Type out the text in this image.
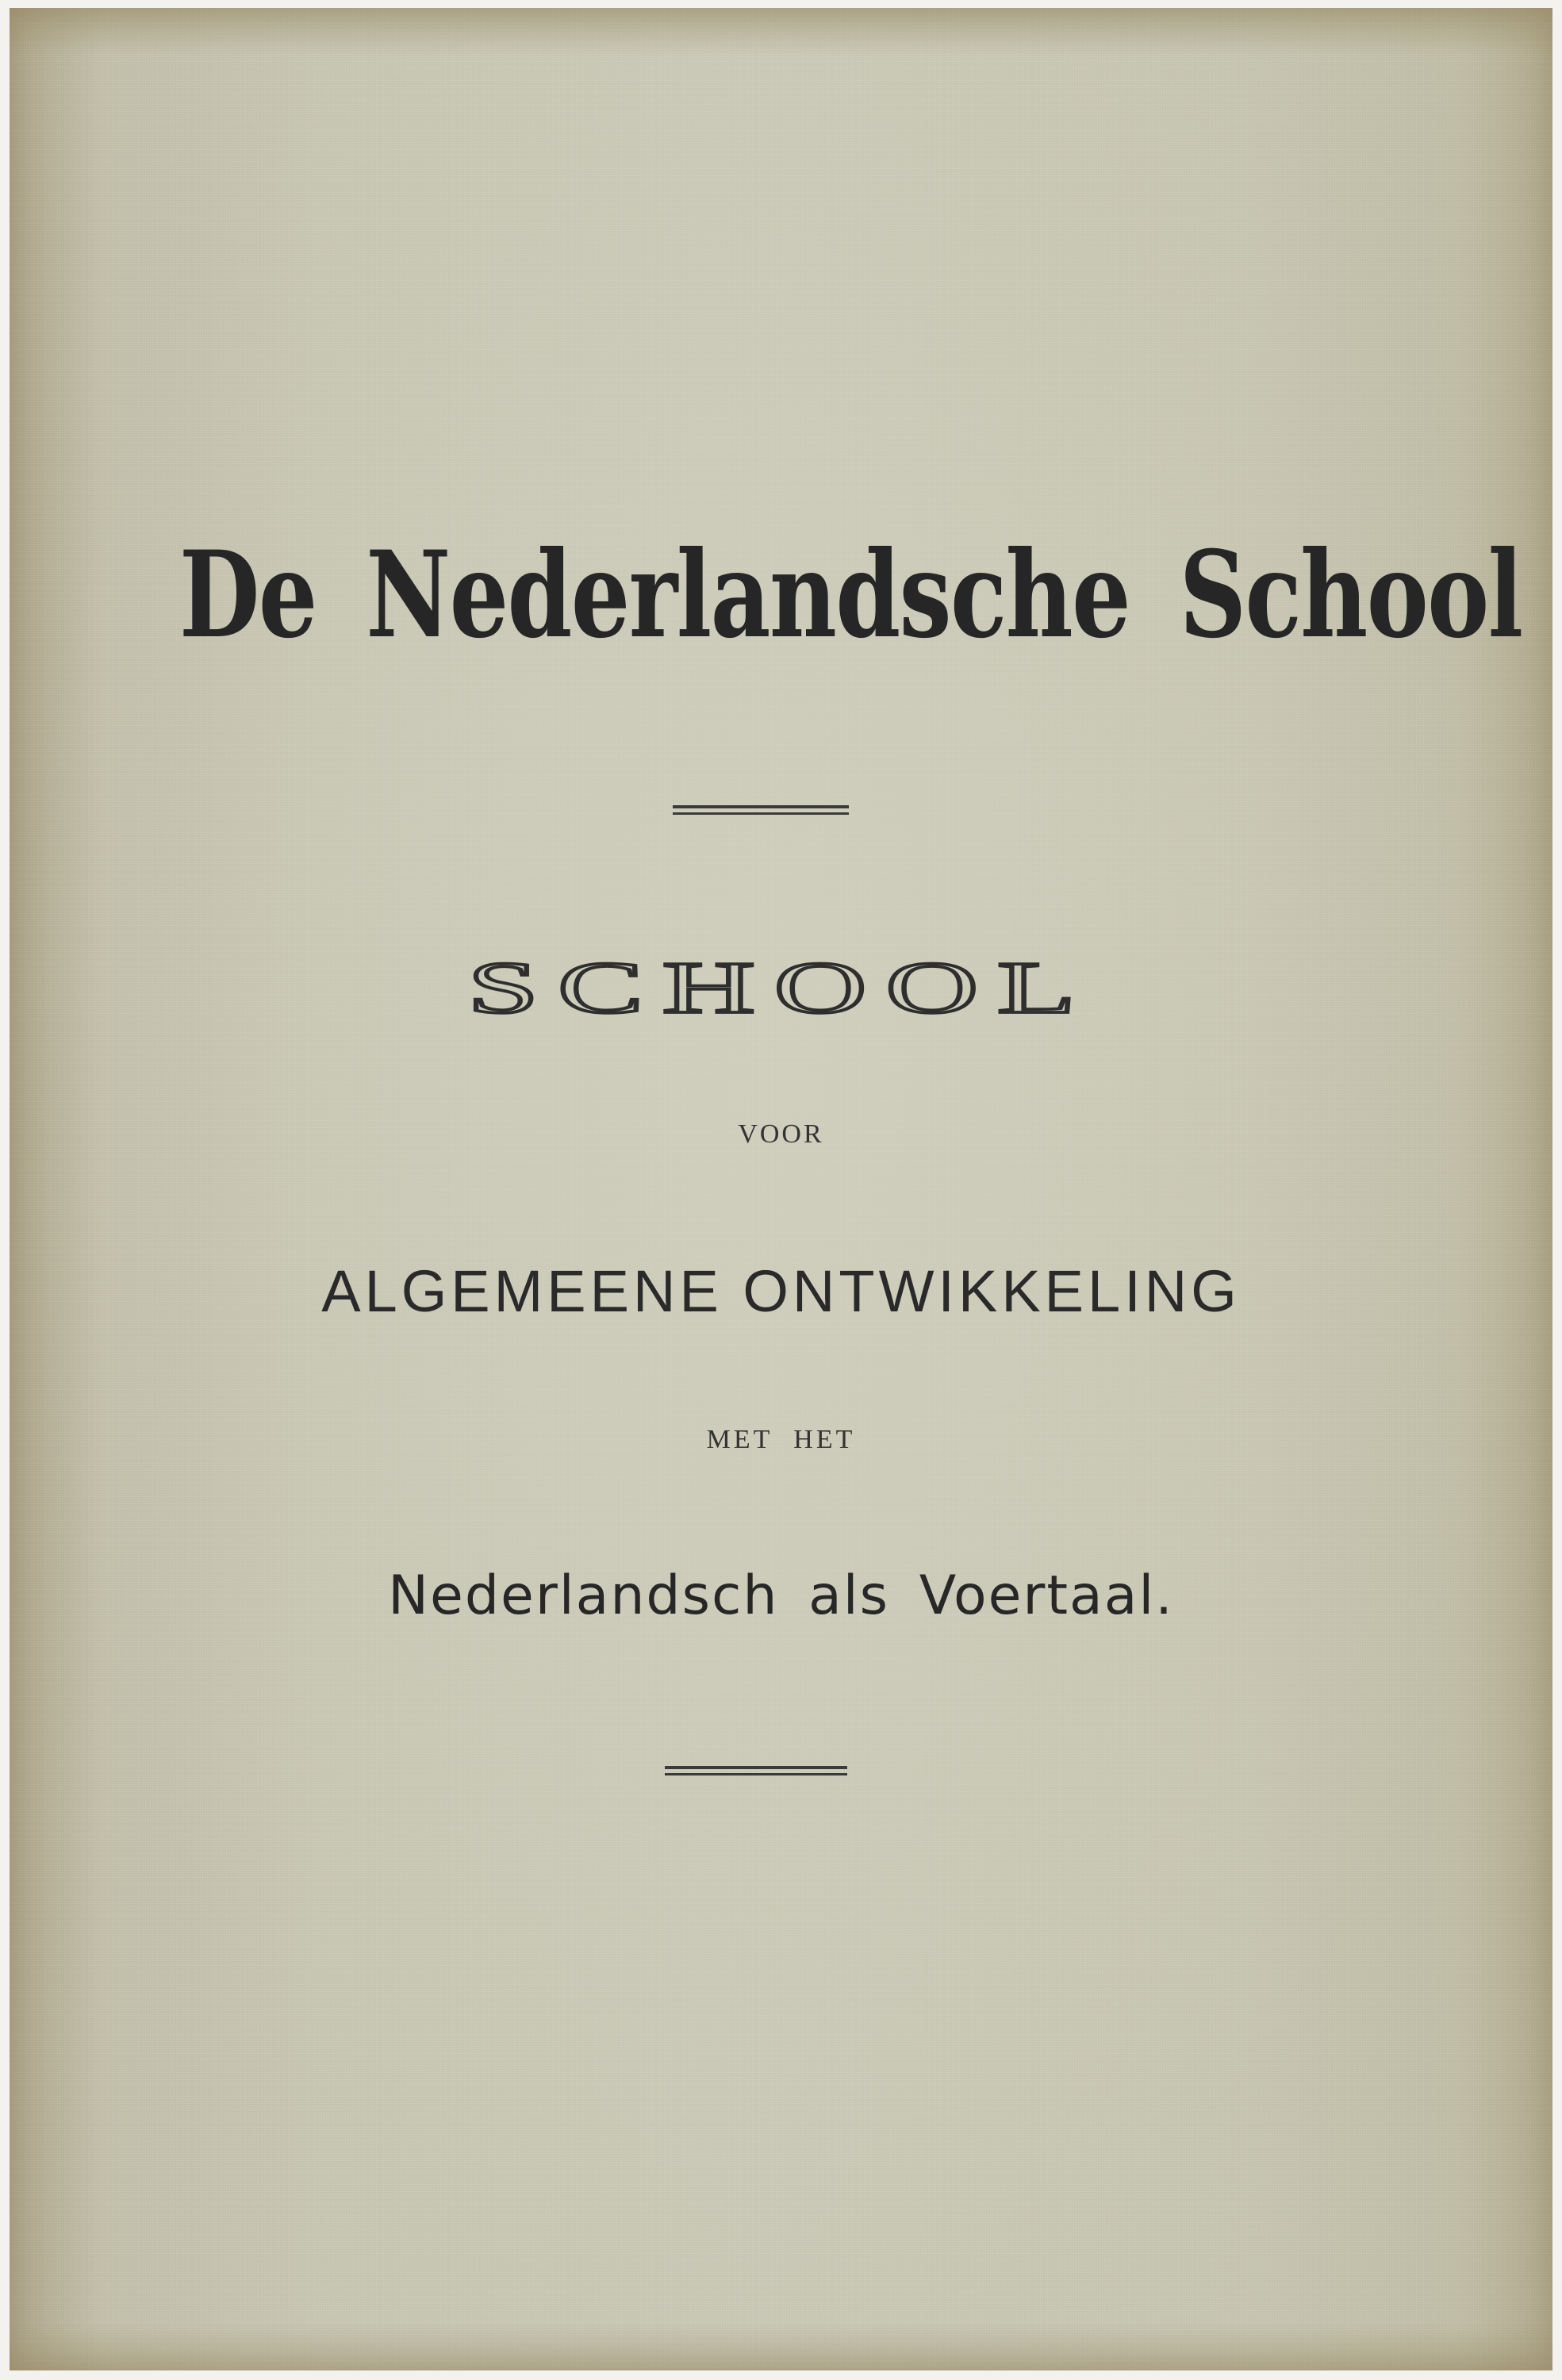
De Nederlandsche School
SCHOOL
VOOR
ALGEMEENE ONTWIKKELING
MET HET
Nederlandsch als Voertaal.
